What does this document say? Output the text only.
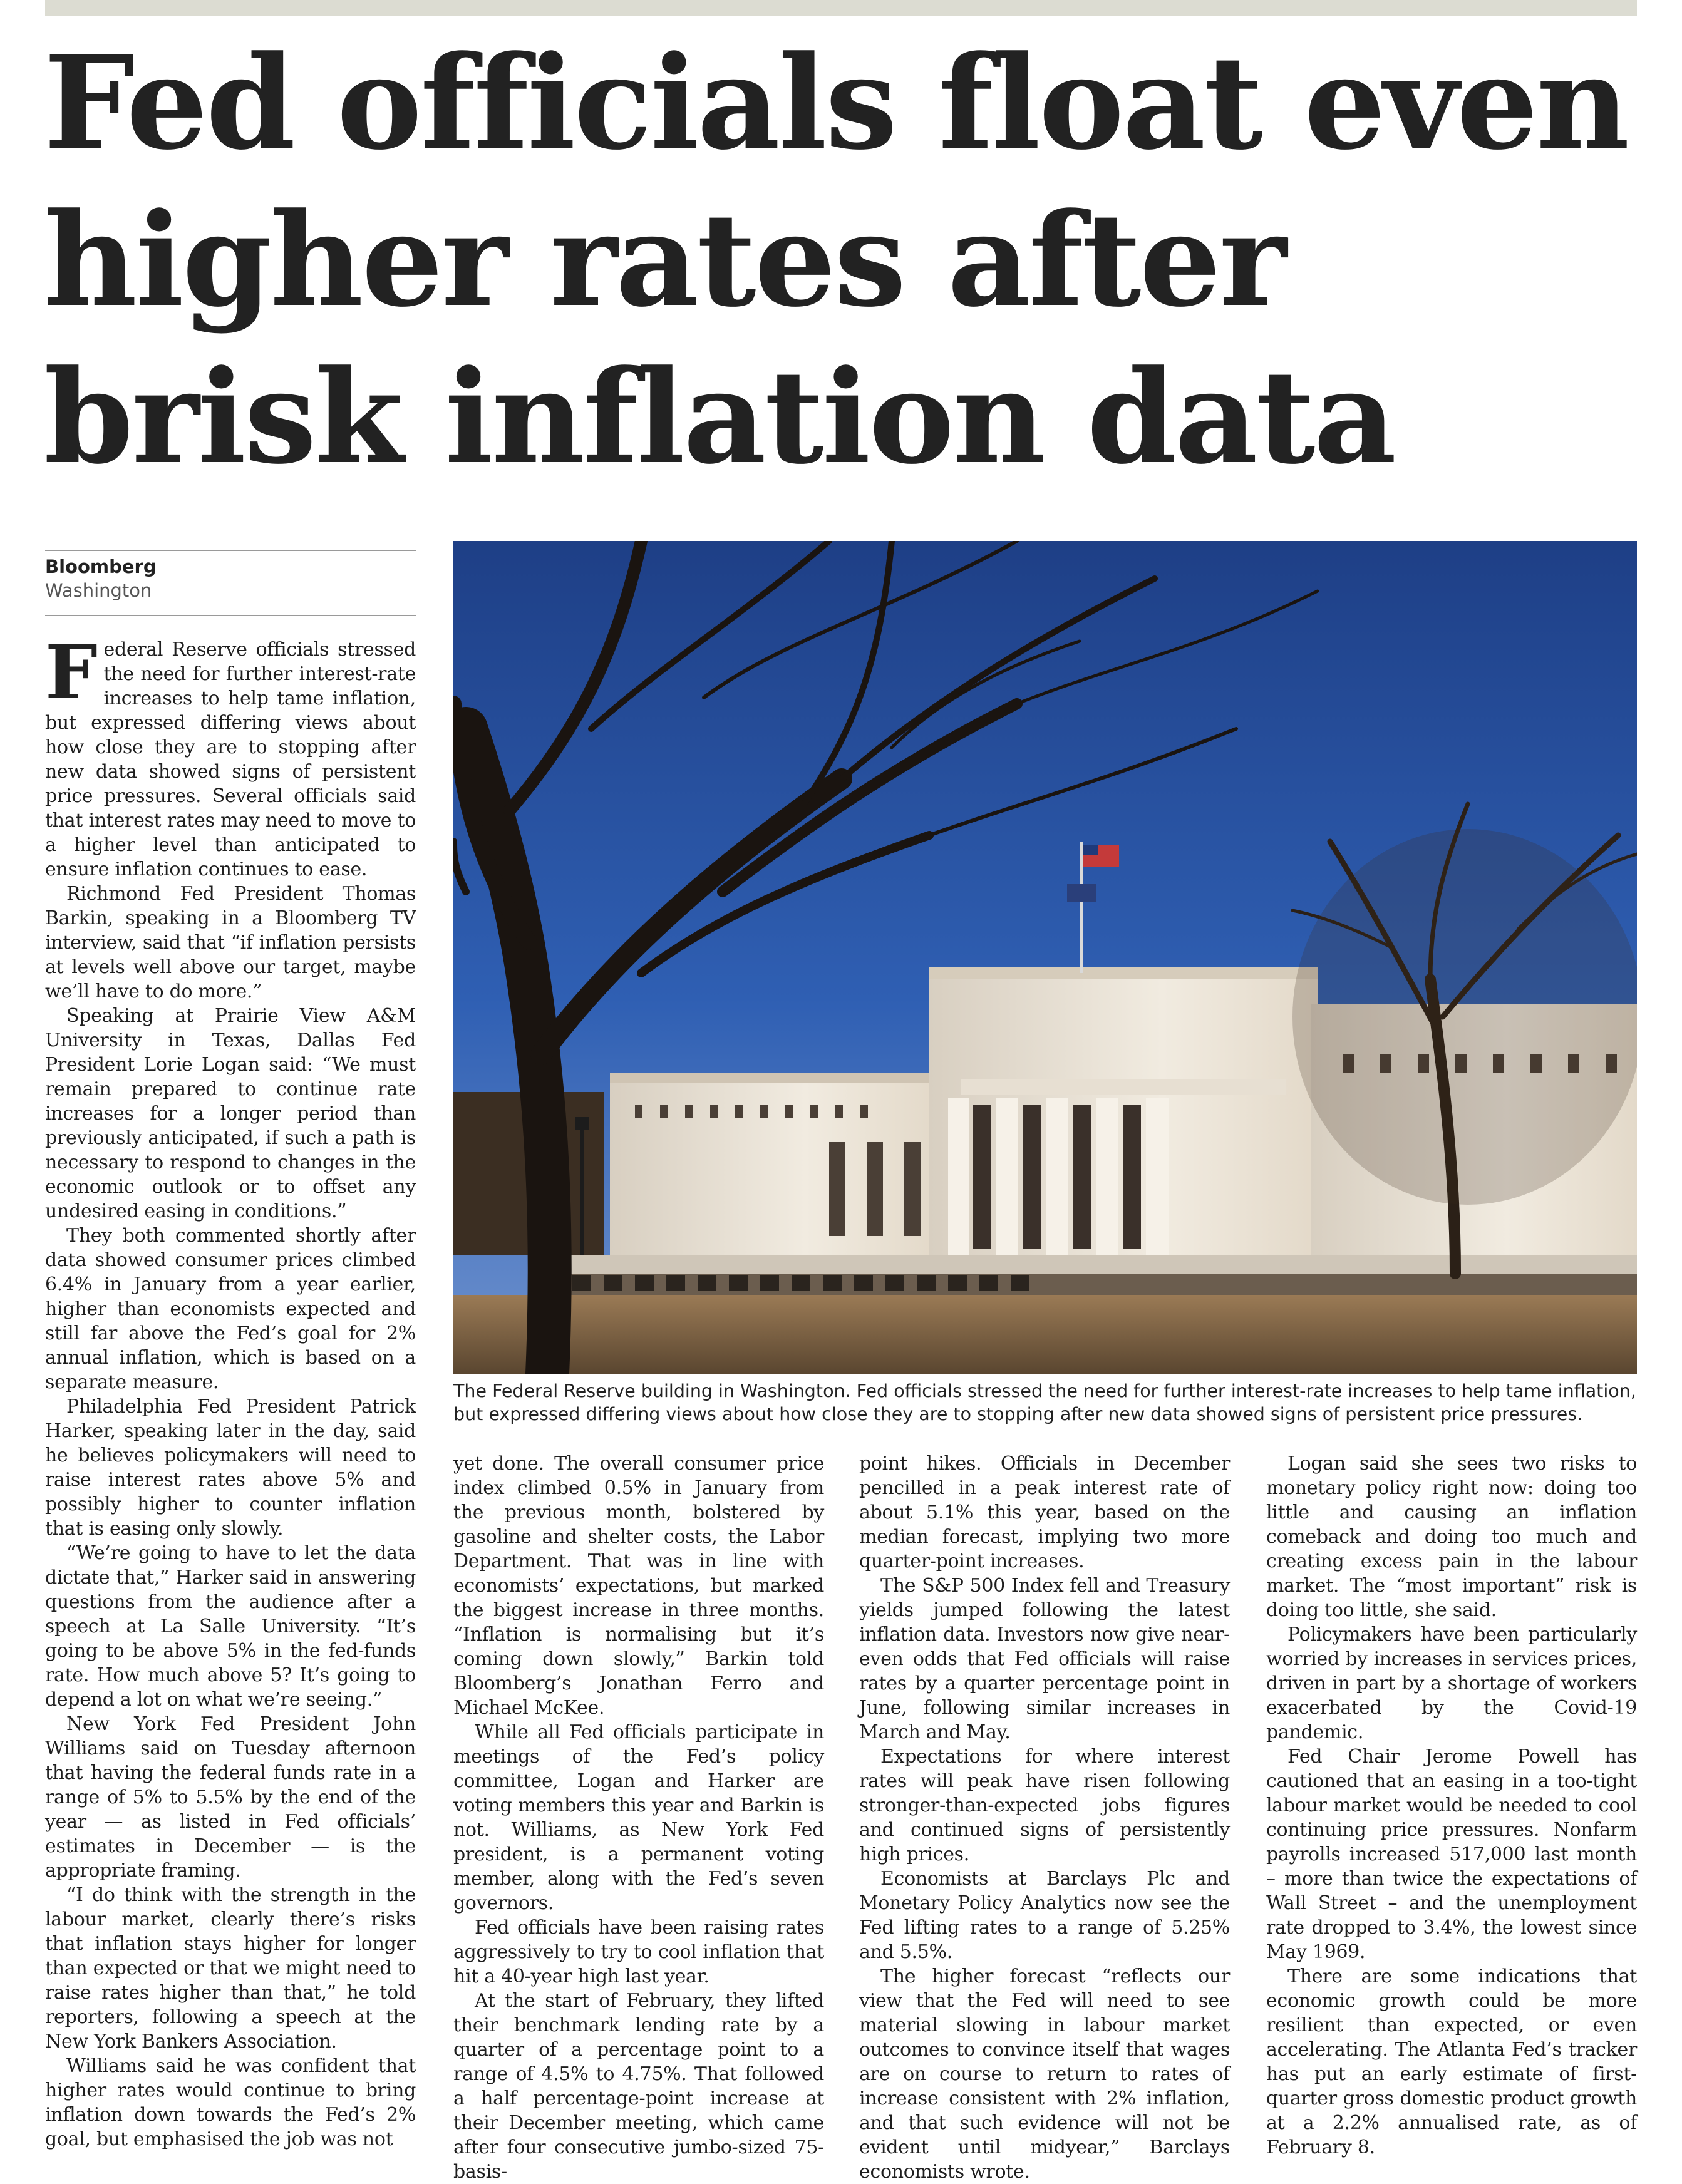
Fed officials float even
higher rates after
brisk inflation data
Bloomberg
Washington
The Federal Reserve building in Washington. Fed officials stressed the need for further interest-rate increases to help tame inflation,
but expressed differing views about how close they are to stopping after new data showed signs of persistent price pressures.

Federal Reserve officials stressed the need for further interest-rate increases to help tame inflation, but expressed differing views about how close they are to stopping after new data showed signs of persistent price pressures. Several officials said that interest rates may need to move to a higher level than anticipated to ensure inflation continues to ease.

Richmond Fed President Thomas Barkin, speaking in a Bloomberg TV interview, said that “if inflation persists at levels well above our target, maybe we’ll have to do more.”

Speaking at Prairie View A&M University in Texas, Dallas Fed President Lorie Logan said: “We must remain prepared to continue rate increases for a longer period than previously anticipated, if such a path is necessary to respond to changes in the economic outlook or to offset any undesired easing in conditions.”

They both commented shortly after data showed consumer prices climbed 6.4% in January from a year earlier, higher than economists expected and still far above the Fed’s goal for 2% annual inflation, which is based on a separate measure.

Philadelphia Fed President Patrick Harker, speaking later in the day, said he believes policymakers will need to raise interest rates above 5% and possibly higher to counter inflation that is easing only slowly.

“We’re going to have to let the data dictate that,” Harker said in answering questions from the audience after a speech at La Salle University. “It’s going to be above 5% in the fed-funds rate. How much above 5? It’s going to depend a lot on what we’re seeing.”

New York Fed President John Williams said on Tuesday afternoon that having the federal funds rate in a range of 5% to 5.5% by the end of the year — as listed in Fed officials’ estimates in December — is the appropriate framing.

“I do think with the strength in the labour market, clearly there’s risks that inflation stays higher for longer than expected or that we might need to raise rates higher than that,” he told reporters, following a speech at the New York Bankers Association.

Williams said he was confident that higher rates would continue to bring inflation down towards the Fed’s 2% goal, but emphasised the job was not

yet done. The overall consumer price index climbed 0.5% in January from the previous month, bolstered by gasoline and shelter costs, the Labor Department. That was in line with economists’ expectations, but marked the biggest increase in three months. “Inflation is normalising but it’s coming down slowly,” Barkin told Bloomberg’s Jonathan Ferro and Michael McKee.

While all Fed officials participate in meetings of the Fed’s policy committee, Logan and Harker are voting members this year and Barkin is not. Williams, as New York Fed president, is a permanent voting member, along with the Fed’s seven governors.

Fed officials have been raising rates aggressively to try to cool inflation that hit a 40-year high last year.

At the start of February, they lifted their benchmark lending rate by a quarter of a percentage point to a range of 4.5% to 4.75%. That followed a half percentage-point increase at their December meeting, which came after four consecutive jumbo-sized 75-basis-

point hikes. Officials in December pencilled in a peak interest rate of about 5.1% this year, based on the median forecast, implying two more quarter-point increases.

The S&P 500 Index fell and Treasury yields jumped following the latest inflation data. Investors now give near-even odds that Fed officials will raise rates by a quarter percentage point in June, following similar increases in March and May.

Expectations for where interest rates will peak have risen following stronger-than-expected jobs figures and continued signs of persistently high prices.

Economists at Barclays Plc and Monetary Policy Analytics now see the Fed lifting rates to a range of 5.25% and 5.5%.

The higher forecast “reflects our view that the Fed will need to see material slowing in labour market outcomes to convince itself that wages are on course to return to rates of increase consistent with 2% inflation, and that such evidence will not be evident until midyear,” Barclays economists wrote.

Logan said she sees two risks to monetary policy right now: doing too little and causing an inflation comeback and doing too much and creating excess pain in the labour market. The “most important” risk is doing too little, she said.

Policymakers have been particularly worried by increases in services prices, driven in part by a shortage of workers exacerbated by the Covid-19 pandemic.

Fed Chair Jerome Powell has cautioned that an easing in a too-tight labour market would be needed to cool continuing price pressures. Nonfarm payrolls increased 517,000 last month – more than twice the expectations of Wall Street – and the unemployment rate dropped to 3.4%, the lowest since May 1969.

There are some indications that economic growth could be more resilient than expected, or even accelerating. The Atlanta Fed’s tracker has put an early estimate of first-quarter gross domestic product growth at a 2.2% annualised rate, as of February 8.
